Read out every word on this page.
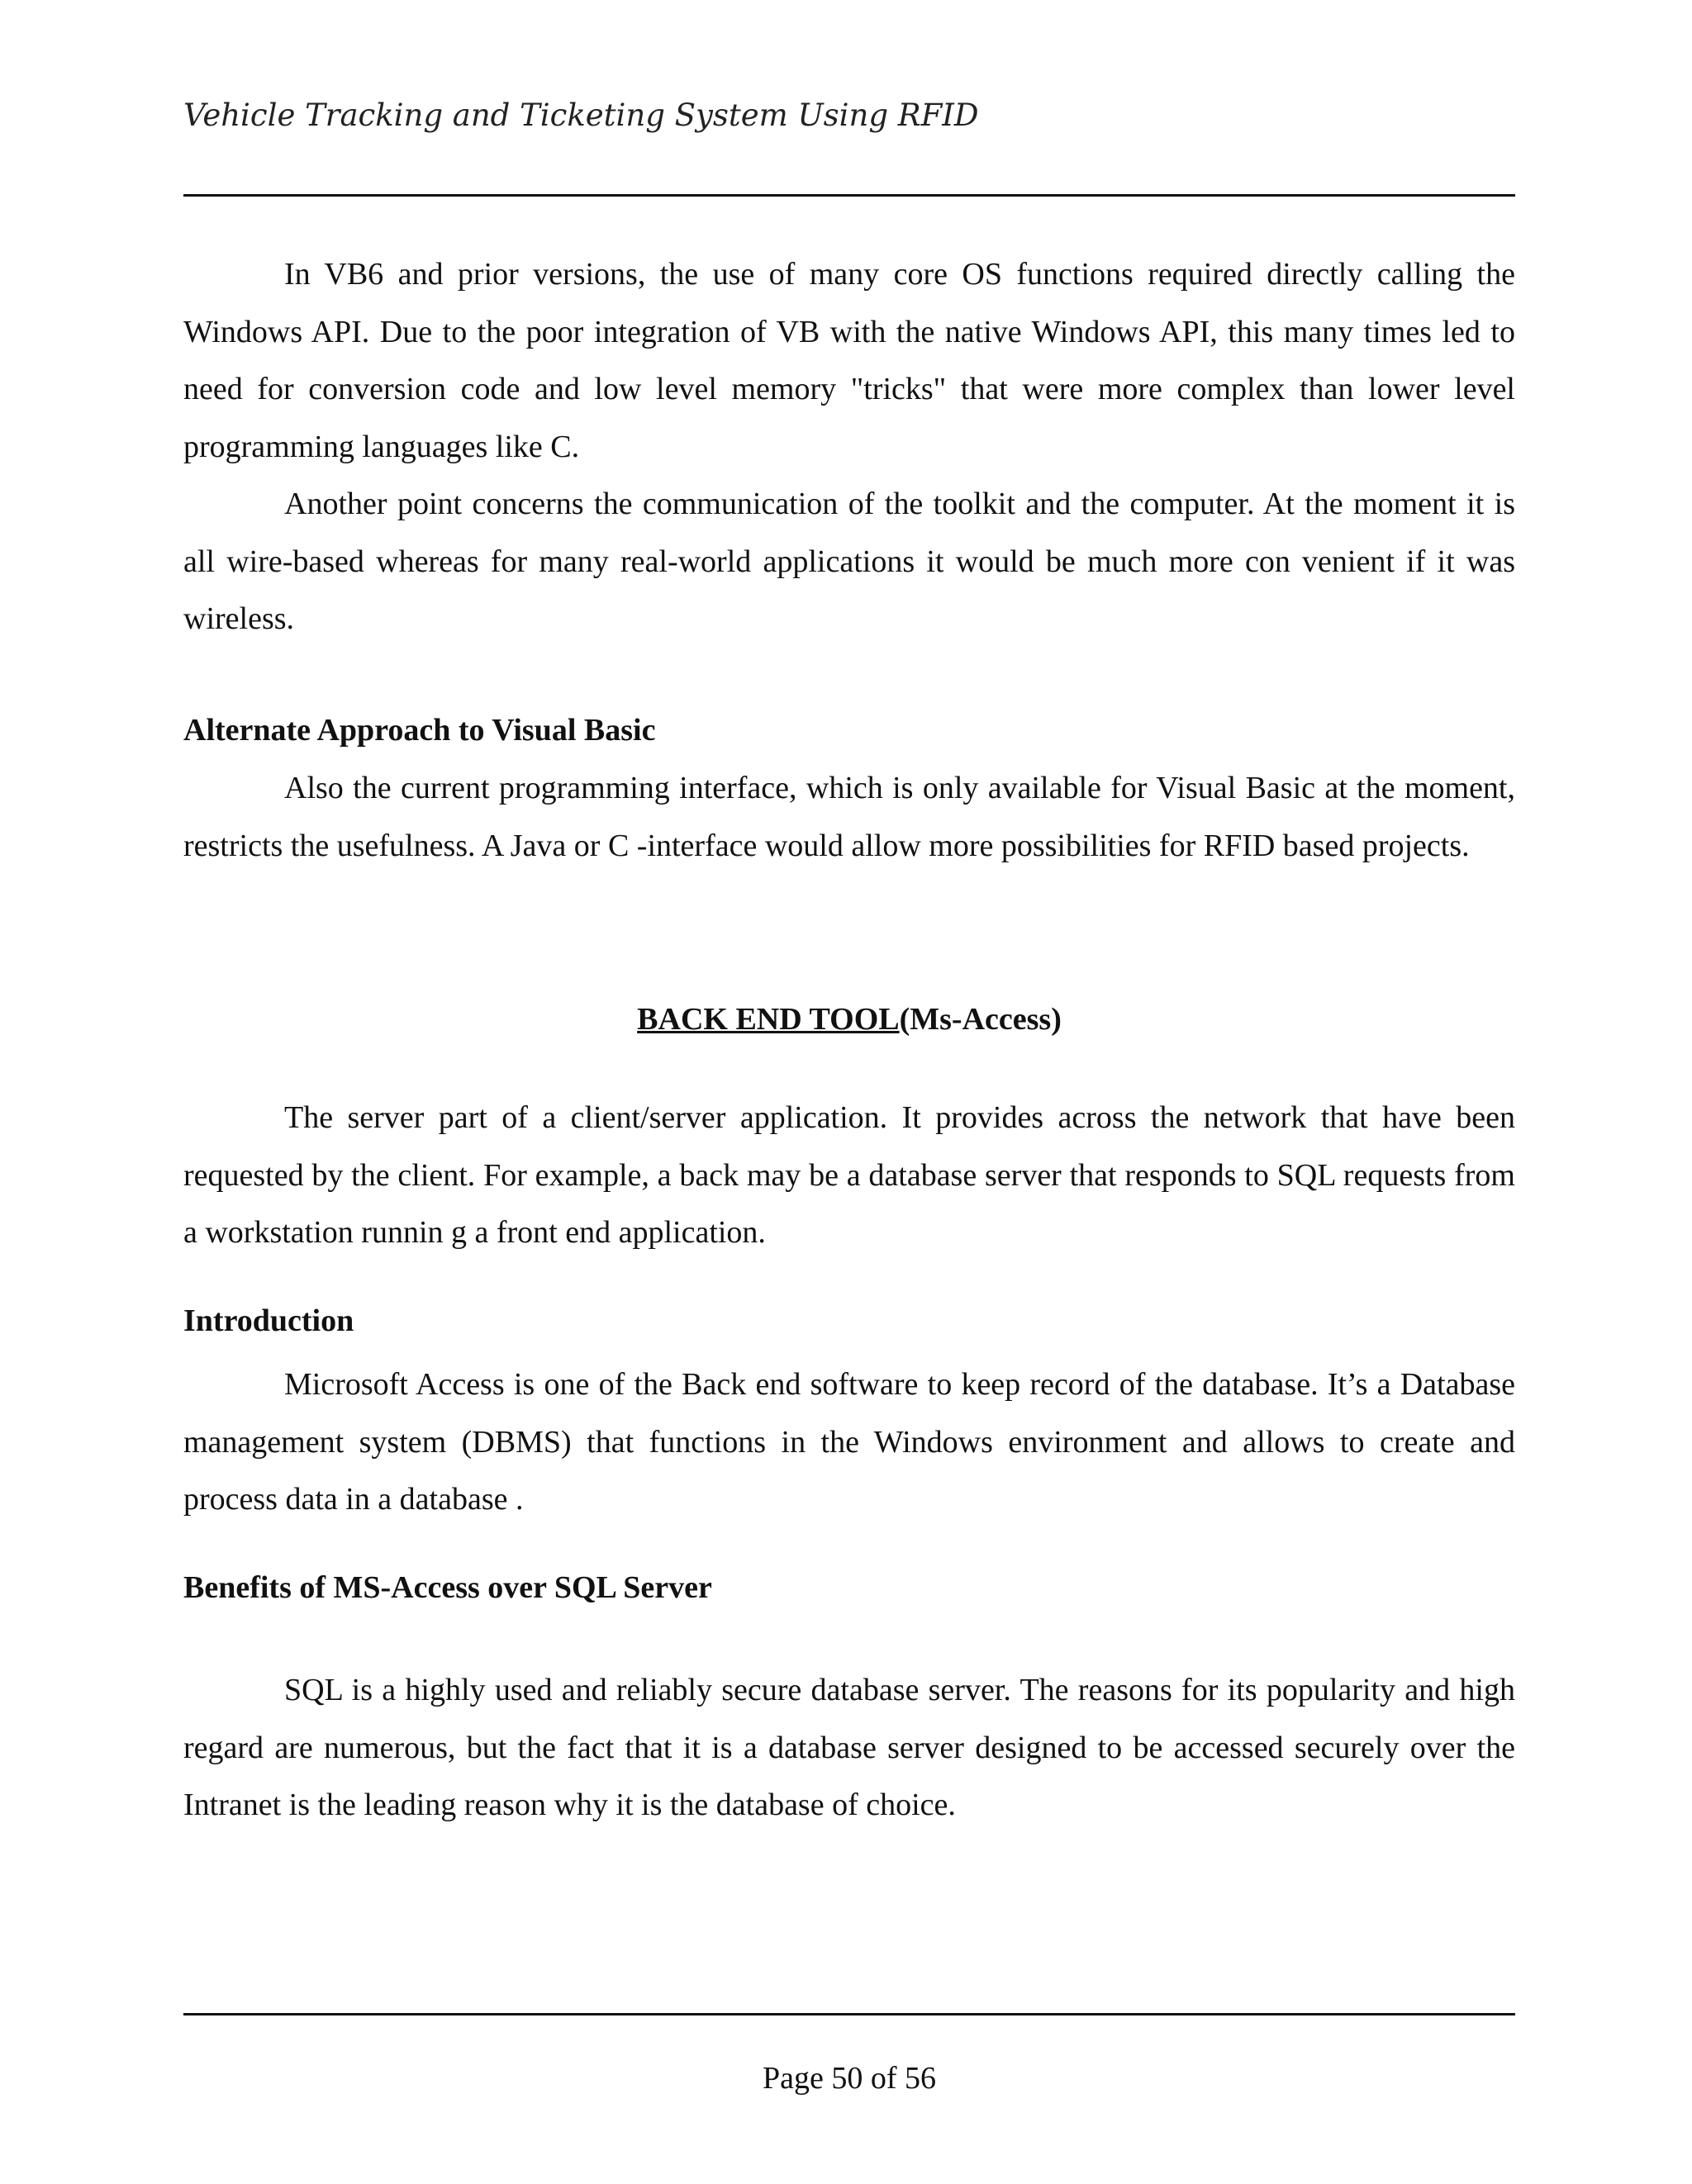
Vehicle Tracking and Ticketing System Using RFID
In VB6 and prior versions, the use of many core OS functions required directly calling the Windows API. Due to the poor integration of VB with the native Windows API, this many times led to need for conversion code and low level memory "tricks" that were more complex than lower level programming languages like C.
Another point concerns the communication of the toolkit and the computer. At the moment it is all wire-based whereas for many real-world applications it would be much more con venient if it was wireless.
Alternate Approach to Visual Basic
Also the current programming interface, which is only available for Visual Basic at the moment, restricts the usefulness. A Java or C -interface would allow more possibilities for RFID based projects.
BACK END TOOL(Ms-Access)
The server part of a client/server application. It provides across the network that have been requested by the client. For example, a back may be a database server that responds to SQL requests from a workstation runnin g a front end application.
Introduction
Microsoft Access is one of the Back end software to keep record of the database. It’s a Database management system (DBMS) that functions in the Windows environment and allows to create and process data in a database .
Benefits of MS-Access over SQL Server
SQL is a highly used and reliably secure database server. The reasons for its popularity and high regard are numerous, but the fact that it is a database server designed to be accessed securely over the Intranet is the leading reason why it is the database of choice.
Page 50 of 56
